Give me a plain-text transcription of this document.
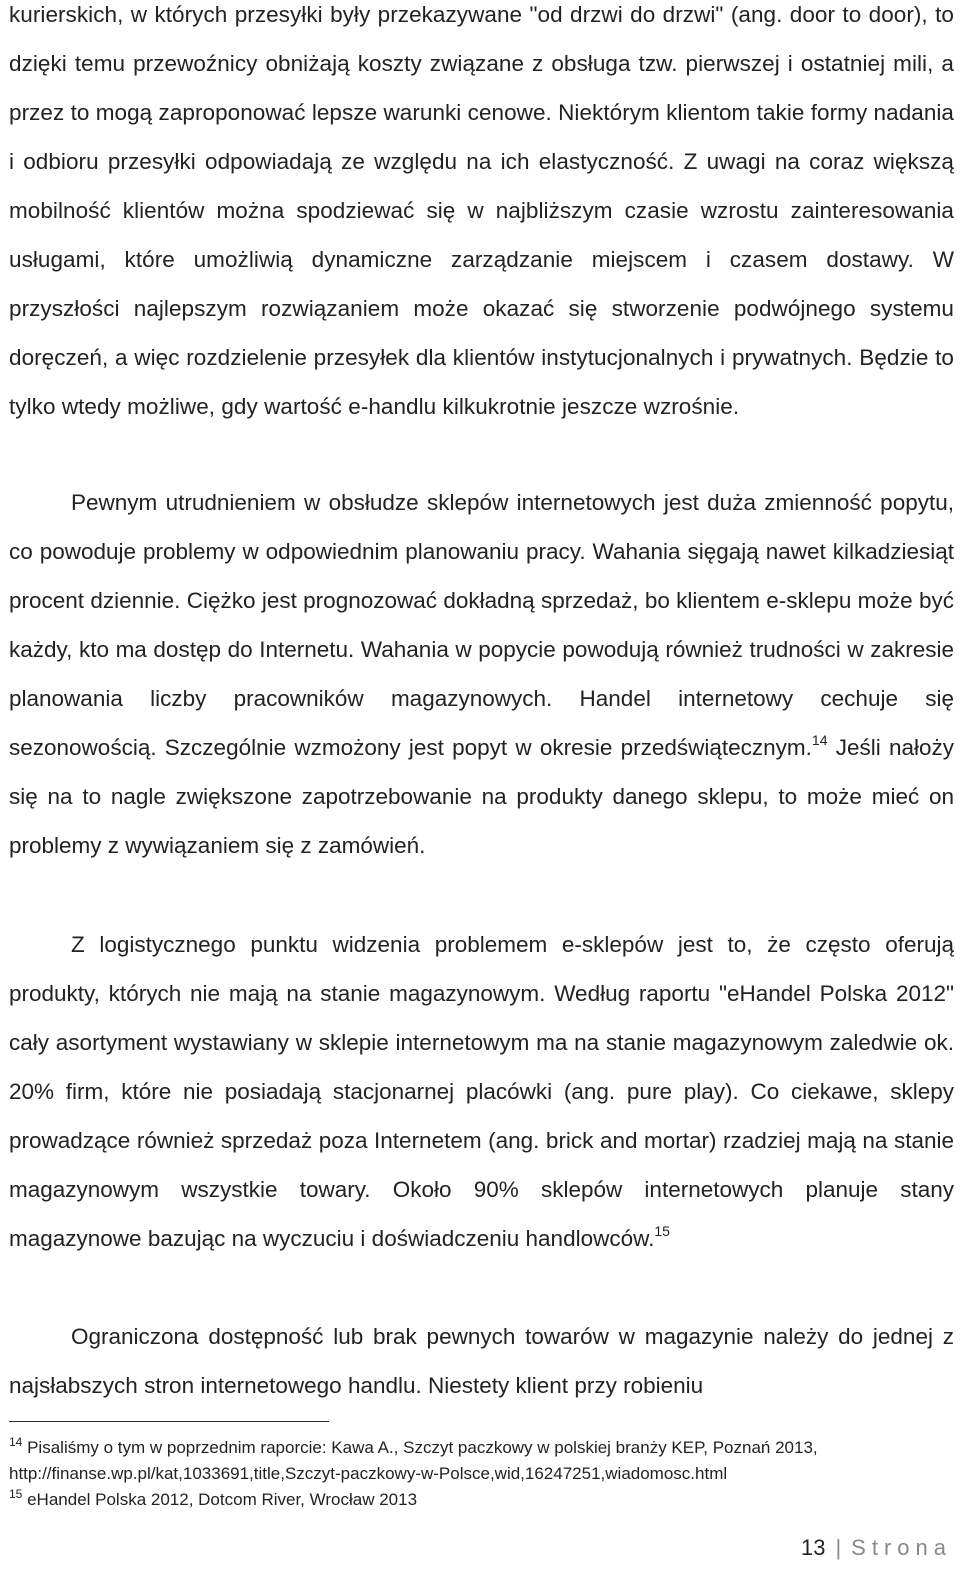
kurierskich, w których przesyłki były przekazywane "od drzwi do drzwi" (ang. door to door), to dzięki temu przewoźnicy obniżają koszty związane z obsługa tzw. pierwszej i ostatniej mili, a przez to mogą zaproponować lepsze warunki cenowe. Niektórym klientom takie formy nadania i odbioru przesyłki odpowiadają ze względu na ich elastyczność. Z uwagi na coraz większą mobilność klientów można spodziewać się w najbliższym czasie wzrostu zainteresowania usługami, które umożliwią dynamiczne zarządzanie miejscem i czasem dostawy. W przyszłości najlepszym rozwiązaniem może okazać się stworzenie podwójnego systemu doręczeń, a więc rozdzielenie przesyłek dla klientów instytucjonalnych i prywatnych. Będzie to tylko wtedy możliwe, gdy wartość e-handlu kilkukrotnie jeszcze wzrośnie.

Pewnym utrudnieniem w obsłudze sklepów internetowych jest duża zmienność popytu, co powoduje problemy w odpowiednim planowaniu pracy. Wahania sięgają nawet kilkadziesiąt procent dziennie. Ciężko jest prognozować dokładną sprzedaż, bo klientem e-sklepu może być każdy, kto ma dostęp do Internetu. Wahania w popycie powodują również trudności w zakresie planowania liczby pracowników magazynowych. Handel internetowy cechuje się sezonowością. Szczególnie wzmożony jest popyt w okresie przedświątecznym.$^{14}$ Jeśli nałoży się na to nagle zwiększone zapotrzebowanie na produkty danego sklepu, to może mieć on problemy z wywiązaniem się z zamówień.

Z logistycznego punktu widzenia problemem e-sklepów jest to, że często oferują produkty, których nie mają na stanie magazynowym. Według raportu "eHandel Polska 2012" cały asortyment wystawiany w sklepie internetowym ma na stanie magazynowym zaledwie ok. 20% firm, które nie posiadają stacjonarnej placówki (ang. pure play). Co ciekawe, sklepy prowadzące również sprzedaż poza Internetem (ang. brick and mortar) rzadziej mają na stanie magazynowym wszystkie towary. Około 90% sklepów internetowych planuje stany magazynowe bazując na wyczuciu i doświadczeniu handlowców.$^{15}$

Ograniczona dostępność lub brak pewnych towarów w magazynie należy do jednej z najsłabszych stron internetowego handlu. Niestety klient przy robieniu

$^{14}$ Pisaliśmy o tym w poprzednim raporcie: Kawa A., Szczyt paczkowy w polskiej branży KEP, Poznań 2013, http://finanse.wp.pl/kat,1033691,title,Szczyt-paczkowy-w-Polsce,wid,16247251,wiadomosc.html

$^{15}$ eHandel Polska 2012, Dotcom River, Wrocław 2013

13 | Strona
